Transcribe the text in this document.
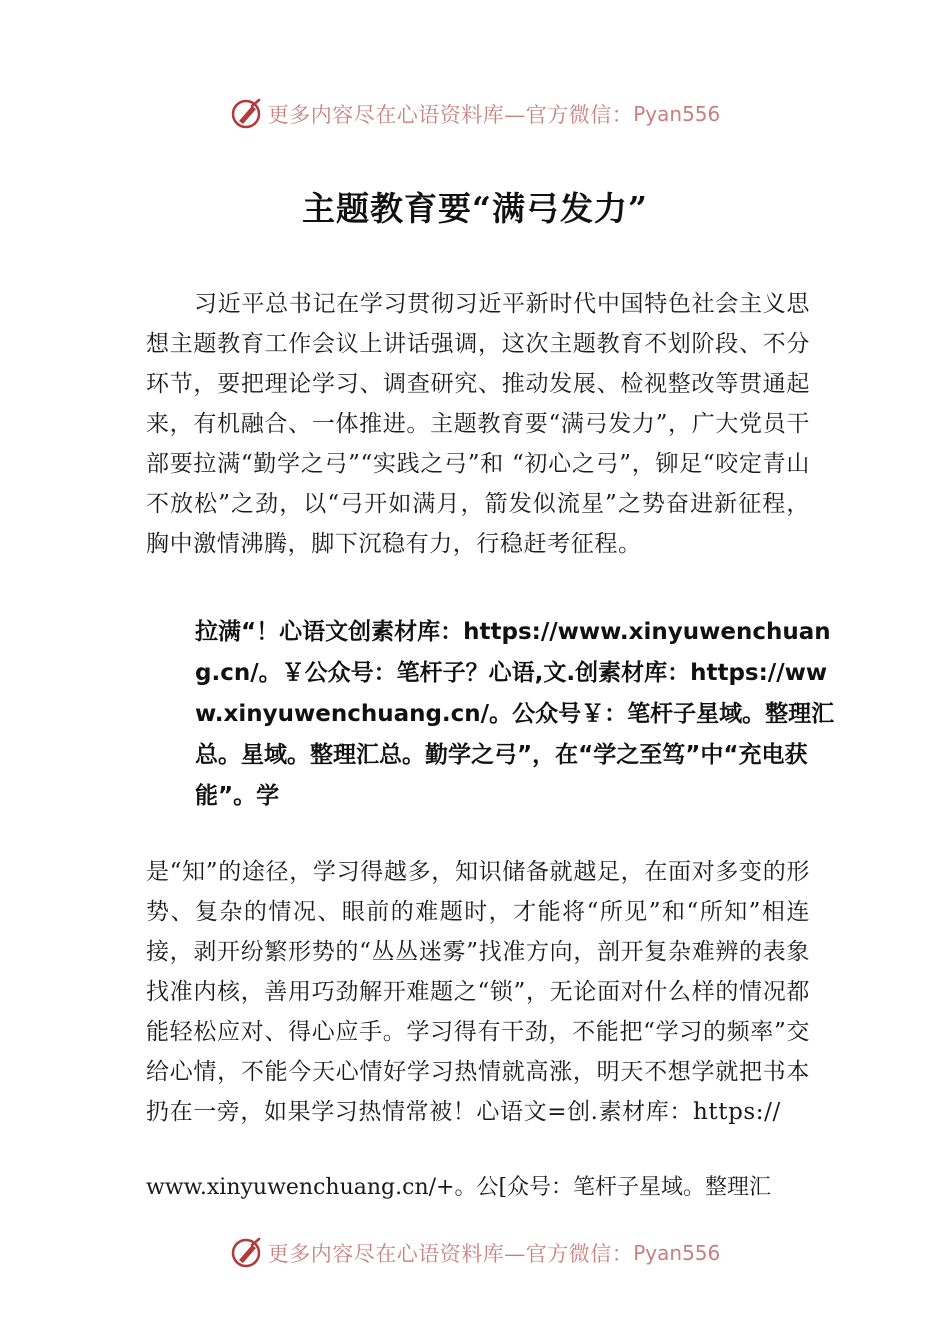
更多内容尽在心语资料库—官方微信： Pyan556
主题教育要“满弓发力”

习近平总书记在学习贯彻习近平新时代中国特色社会主义思想主题教育工作会议上讲话强调，这次主题教育不划阶段、不分环节，要把理论学习、调查研究、推动发展、检视整改等贯通起来，有机融合、一体推进。主题教育要“满弓发力”，广大党员干部要拉满“勤学之弓”“实践之弓”和 “初心之弓”，铆足“咬定青山不放松”之劲，以“弓开如满月，箭发似流星”之势奋进新征程，胸中激情沸腾，脚下沉稳有力，行稳赶考征程。

拉满“！心语文创素材库：https://www.xinyuwenchuang.cn/。￥公众号：笔杆子？心语,文.创素材库：https://www.xinyuwenchuang.cn/。公众号￥：笔杆子星域。整理汇总。星域。整理汇总。勤学之弓”，在“学之至笃”中“充电获能”。学

是“知”的途径，学习得越多，知识储备就越足，在面对多变的形势、复杂的情况、眼前的难题时，才能将“所见”和“所知”相连接，剥开纷繁形势的“丛丛迷雾”找准方向，剖开复杂难辨的表象找准内核，善用巧劲解开难题之“锁”，无论面对什么样的情况都能轻松应对、得心应手。学习得有干劲，不能把“学习的频率”交给心情，不能今天心情好学习热情就高涨，明天不想学就把书本扔在一旁，如果学习热情常被！心语文=创.素材库：https://

www.xinyuwenchuang.cn/+。公[众号：笔杆子星域。整理汇

更多内容尽在心语资料库—官方微信： Pyan556
